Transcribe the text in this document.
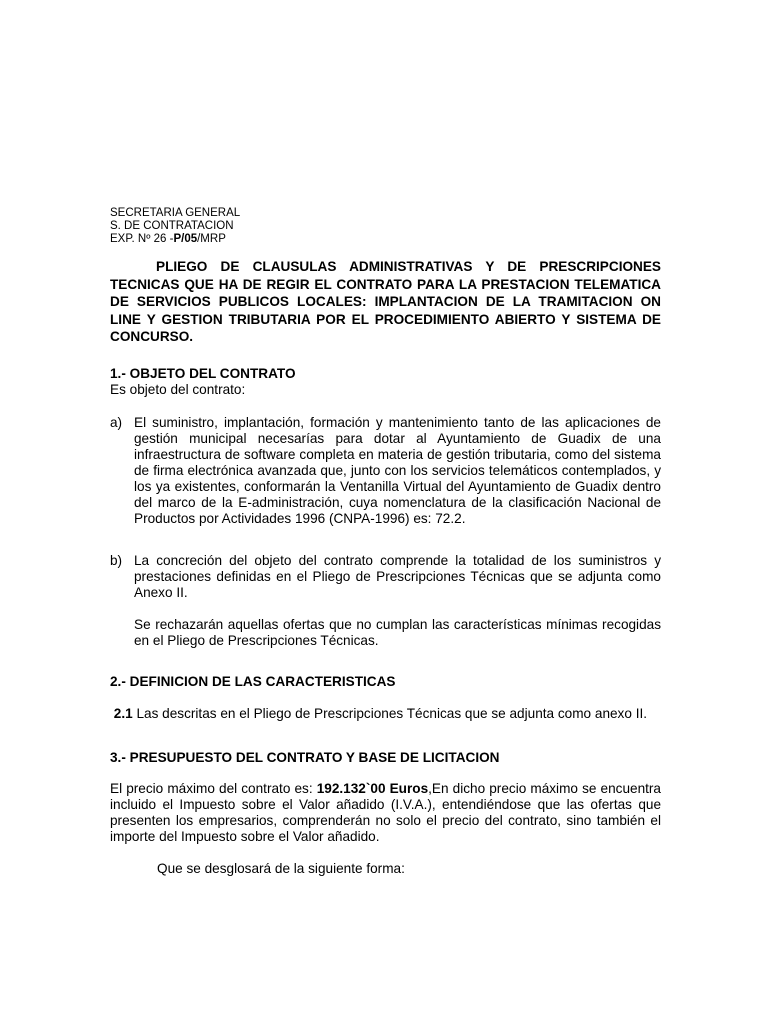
SECRETARIA GENERAL
S. DE CONTRATACION
EXP. Nº 26 -P/05/MRP
PLIEGO DE CLAUSULAS ADMINISTRATIVAS Y DE PRESCRIPCIONES TECNICAS QUE HA DE REGIR EL CONTRATO PARA LA PRESTACION TELEMATICA DE SERVICIOS PUBLICOS LOCALES: IMPLANTACION DE LA TRAMITACION ON LINE Y GESTION TRIBUTARIA POR EL PROCEDIMIENTO ABIERTO Y SISTEMA DE CONCURSO.
1.- OBJETO DEL CONTRATO
Es objeto del contrato:
a) El suministro, implantación, formación y mantenimiento tanto de las aplicaciones de gestión municipal necesarías para dotar al Ayuntamiento de Guadix de una infraestructura de software completa en materia de gestión tributaria, como del sistema de firma electrónica avanzada que, junto con los servicios telemáticos contemplados, y los ya existentes, conformarán la Ventanilla Virtual del Ayuntamiento de Guadix dentro del marco de la E-administración, cuya nomenclatura de la clasificación Nacional de Productos por Actividades 1996 (CNPA-1996) es: 72.2.
b) La concreción del objeto del contrato comprende la totalidad de los suministros y prestaciones definidas en el Pliego de Prescripciones Técnicas que se adjunta como Anexo II.
Se rechazarán aquellas ofertas que no cumplan las características mínimas recogidas en el Pliego de Prescripciones Técnicas.
2.- DEFINICION DE LAS CARACTERISTICAS
2.1 Las descritas en el Pliego de Prescripciones Técnicas que se adjunta como anexo II.
3.- PRESUPUESTO DEL CONTRATO Y BASE DE LICITACION
El precio máximo del contrato es: 192.132`00 Euros,En dicho precio máximo se encuentra incluido el Impuesto sobre el Valor añadido (I.V.A.), entendiéndose que las ofertas que presenten los empresarios, comprenderán no solo el precio del contrato, sino también el importe del Impuesto sobre el Valor añadido.
Que se desglosará de la siguiente forma:
